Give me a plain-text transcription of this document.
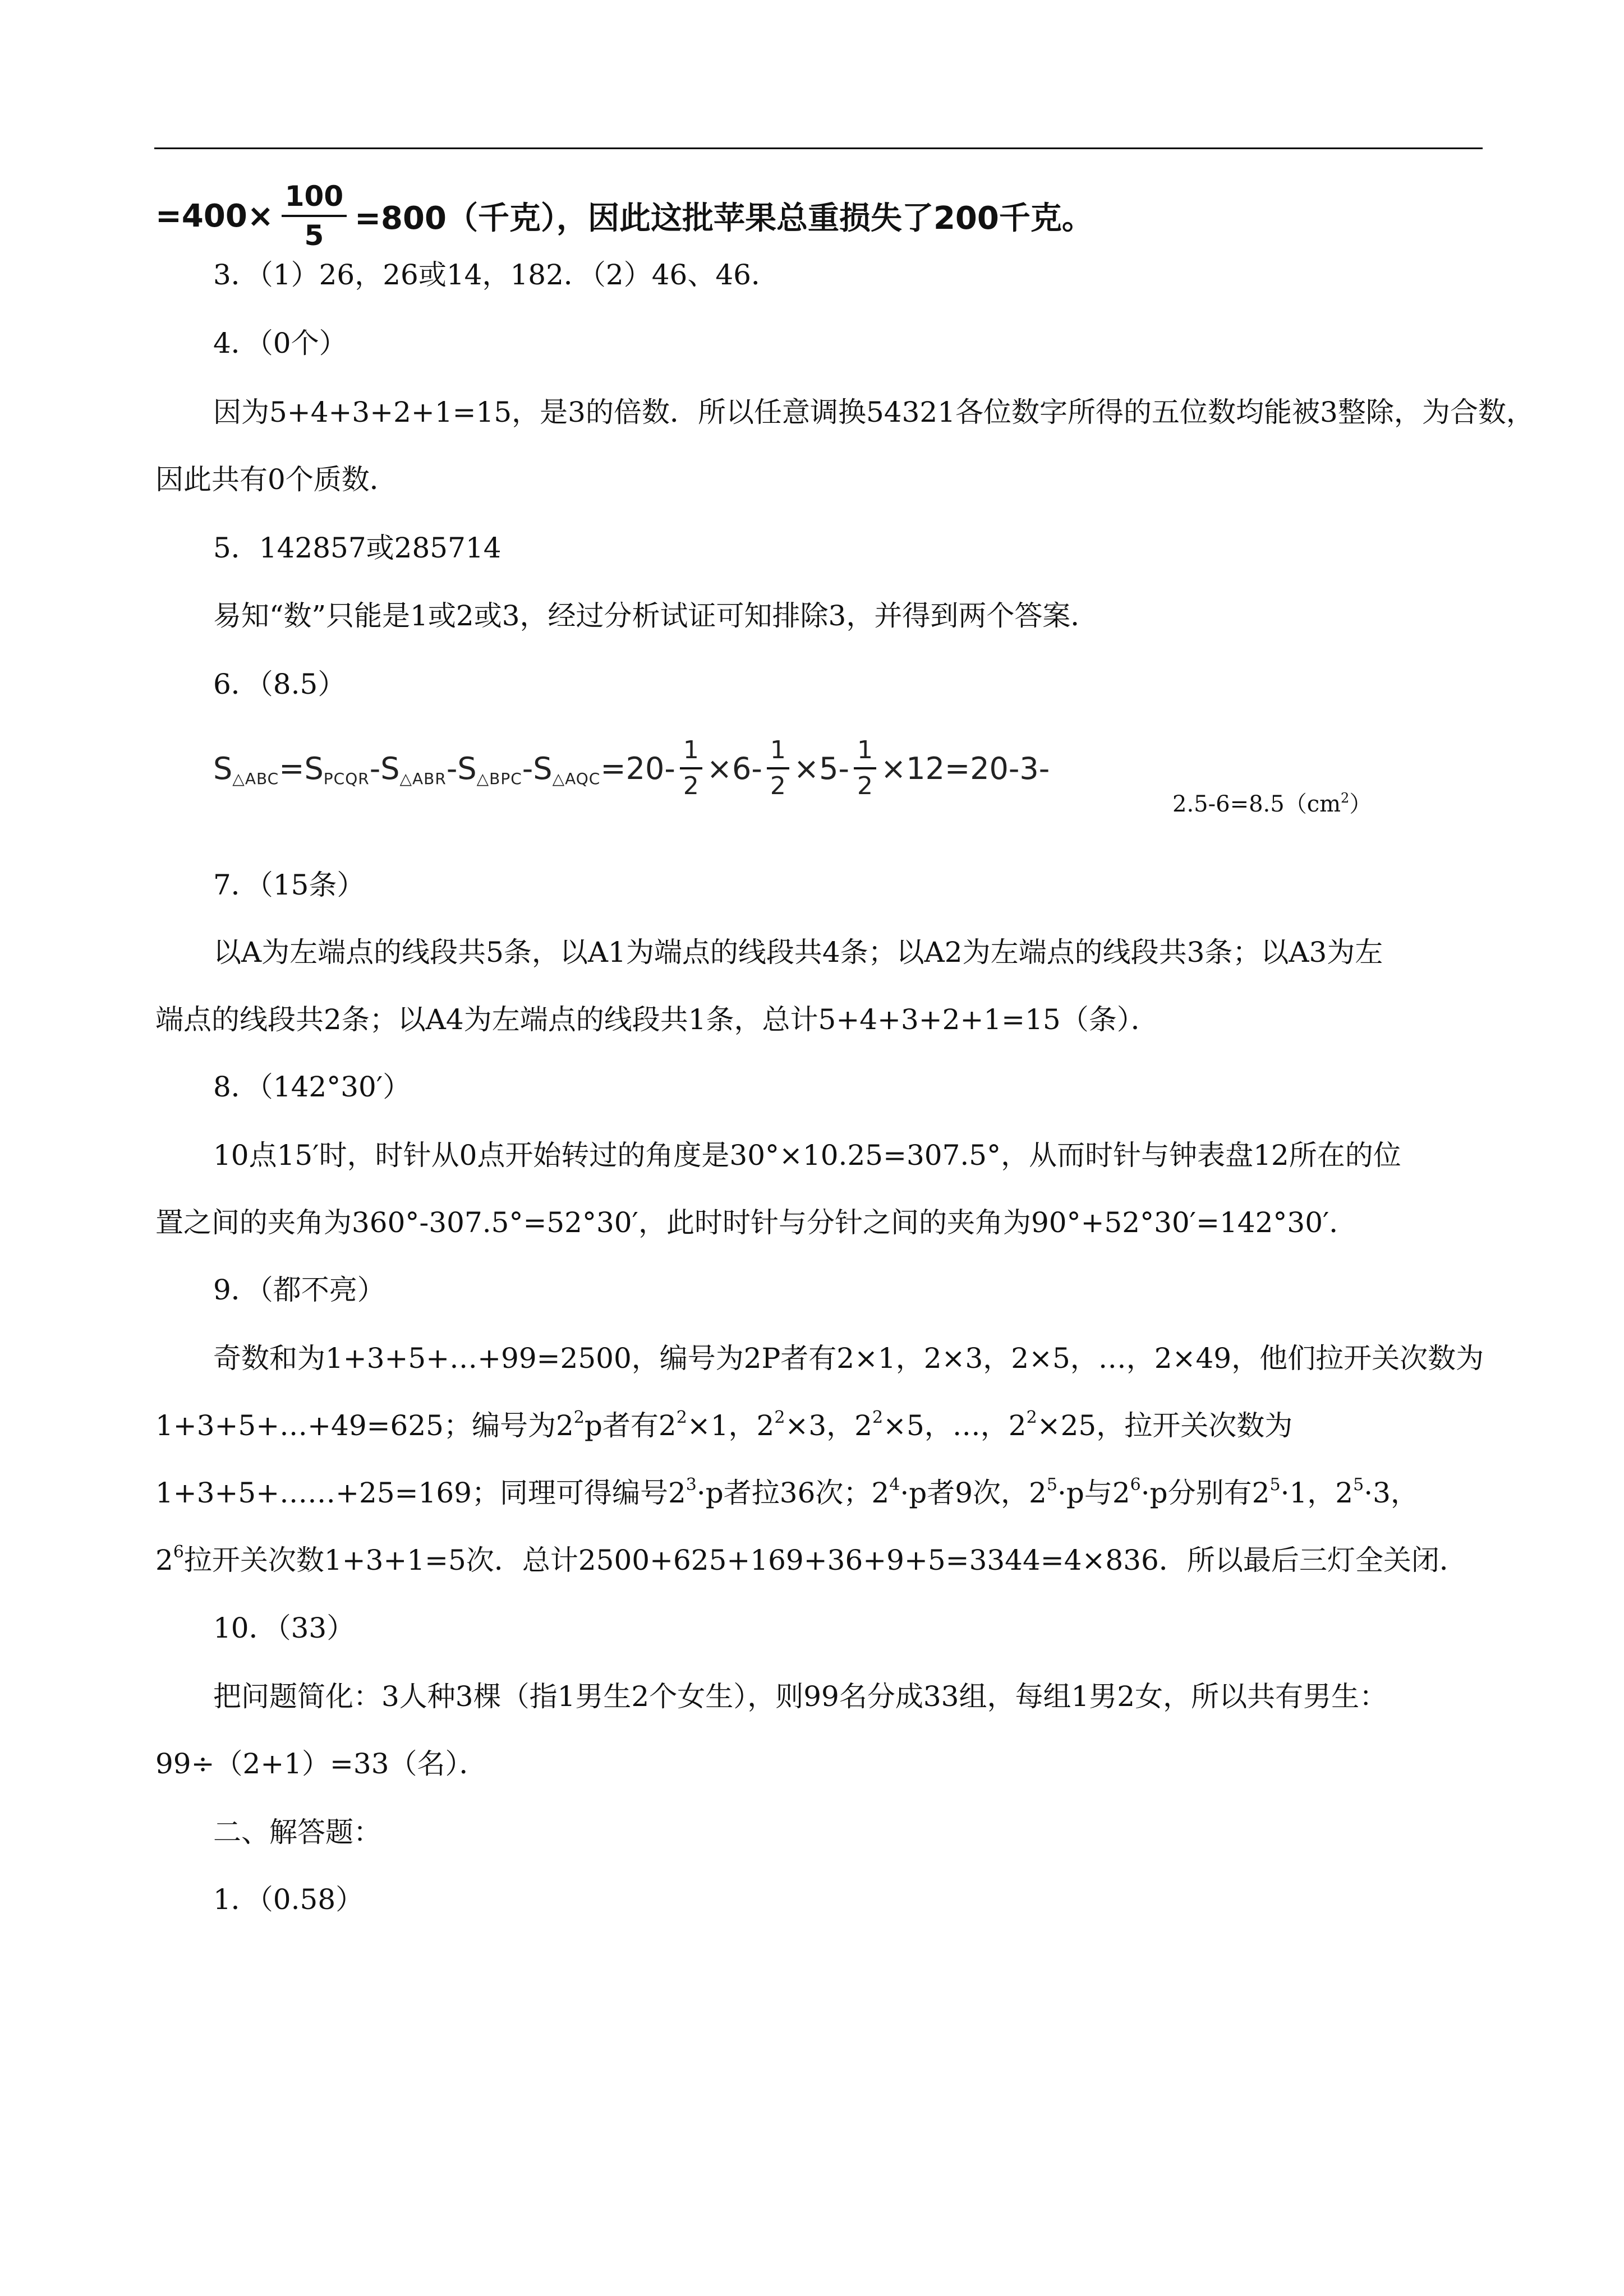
$=400\times \frac{100}{5} =800$（千克），因此这批苹果总重损失了200千克。
3．（1）26，26或14，182．（2）46、46．
4．（0个）
因为5+4+3+2+1=15，是3的倍数．所以任意调换54321各位数字所得的五位数均能被3整除，为合数，
因此共有0个质数．
5．142857或285714
易知“数”只能是1或2或3，经过分析试证可知排除3，并得到两个答案．
6．（8.5）
S △ABC =S PCQR -S △ABR -S △BPC -S △AQC $=20- \frac{1}{2} \times 6- \frac{1}{2} \times 5- \frac{1}{2} \times 12=20-3-$
$2.5-6=8.5(cm^2)$
7．（15条）
以A为左端点的线段共5条，以A1为端点的线段共4条；以A2为左端点的线段共3条；以A3为左
端点的线段共2条；以A4为左端点的线段共1条，总计5+4+3+2+1=15（条）．
8．（142°30′）
10点15′时，时针从0点开始转过的角度是30°×10.25=307.5°，从而时针与钟表盘12所在的位
置之间的夹角为360°-307.5°=52°30′，此时时针与分针之间的夹角为90°+52°30′=142°30′．
9．（都不亮）
奇数和为1+3+5+…+99=2500，编号为2P者有2×1，2×3，2×5，…，2×49，他们拉开关次数为
1+3+5+…+49=625；编号为$2^2p$者有$2^2\times 1$，$2^2\times 3$，$2^2\times 5$，…，$2^2\times 25$，拉开关次数为
1+3+5+……+25=169；同理可得编号$2^3\cdot p$者拉36次；$2^4\cdot p$者9次，$2^5\cdot p$与$2^6\cdot p$分别有$2^5\cdot 1$，$2^5\cdot 3$，
$2^6$拉开关次数1+3+1=5次．总计2500+625+169+36+9+5=3344=4×836．所以最后三灯全关闭．
10．（33）
把问题简化：3人种3棵（指1男生2个女生），则99名分成33组，每组1男2女，所以共有男生：
99÷（2+1）=33（名）．
二、解答题：
1．（0.58）
